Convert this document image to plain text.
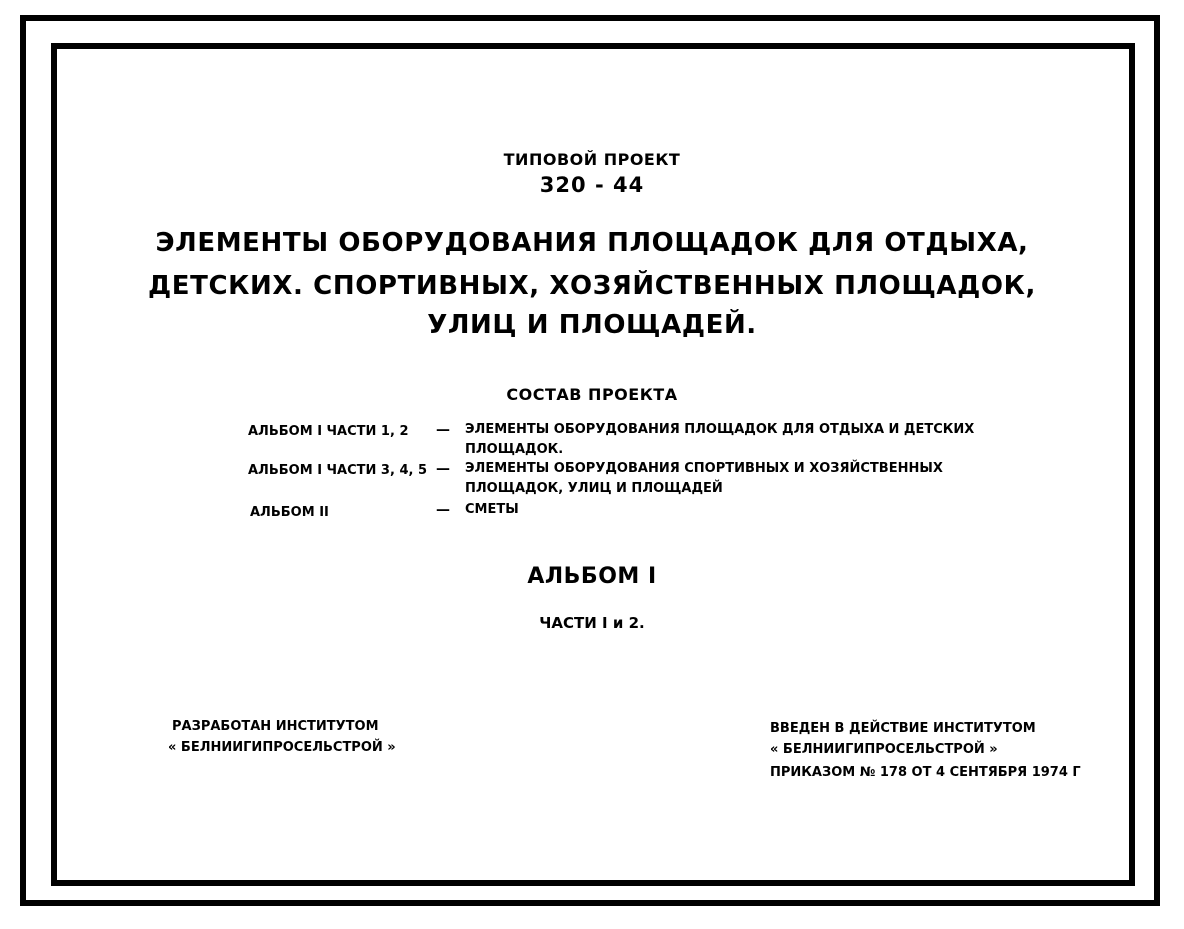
ТИПОВОЙ ПРОЕКТ
320 - 44
ЭЛЕМЕНТЫ ОБОРУДОВАНИЯ ПЛОЩАДОК ДЛЯ ОТДЫХА,
ДЕТСКИХ. СПОРТИВНЫХ, ХОЗЯЙСТВЕННЫХ ПЛОЩАДОК,
УЛИЦ И ПЛОЩАДЕЙ.
СОСТАВ ПРОЕКТА
АЛЬБОМ I ЧАСТИ 1, 2 — ЭЛЕМЕНТЫ ОБОРУДОВАНИЯ ПЛОЩАДОК ДЛЯ ОТДЫХА И ДЕТСКИХ
ПЛОЩАДОК.
АЛЬБОМ I ЧАСТИ 3, 4, 5 — ЭЛЕМЕНТЫ ОБОРУДОВАНИЯ СПОРТИВНЫХ И ХОЗЯЙСТВЕННЫХ
ПЛОЩАДОК, УЛИЦ И ПЛОЩАДЕЙ
АЛЬБОМ II	— СМЕТЫ
АЛЬБОМ I
ЧАСТИ I и 2.
РАЗРАБОТАН ИНСТИТУТОМ
« БЕЛНИИГИПРОСЕЛЬСТРОЙ »
ВВЕДЕН В ДЕЙСТВИЕ ИНСТИТУТОМ
« БЕЛНИИГИПРОСЕЛЬСТРОЙ »
ПРИКАЗОМ № 178 ОТ 4 СЕНТЯБРЯ 1974 Г
